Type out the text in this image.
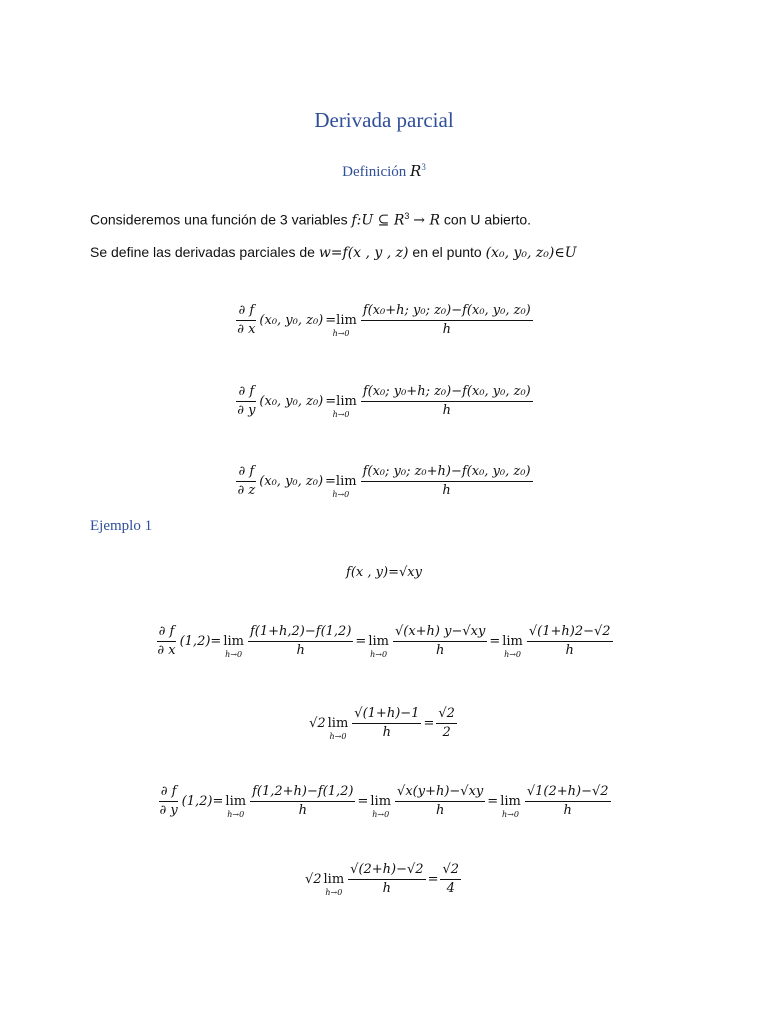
Derivada parcial
Definición $R^3$
Consideremos una función de 3 variables f:U ⊆ $R^3 \to R$ con U abierto.
Se define las derivadas parciales de w=f(x , y , z) en el punto (x₀, y₀, z₀)∈U
$\frac{\partial f}{\partial x} (x_0$, y₀, z₀) =lim
$h\to 0 \frac{\text{f(x₀+h; y₀; z₀)−f(x₀, y₀, z₀)}}{h}$
$\frac{\partial f}{\partial y} (x_0$, y₀, z₀) =lim
$h\to 0 \frac{\text{f(x₀; y₀+h; z₀)−f(x₀, y₀, z₀)}}{h}$
$\frac{\partial f}{\partial z} (x_0$, y₀, z₀) =lim
$h\to 0 \frac{\text{f(x₀; y₀; z₀+h)−f(x₀, y₀, z₀)}}{h}$
Ejemplo 1
f(x , y)=√xy
$\frac{\partial f}{\partial x} (1,2) = \lim$
$h\to 0 \frac{f(1+h,2)-f(1,2)}{h} = \lim$
$h\to 0 \frac{√(x+h) y-√xy}{h} = \lim$
$h\to 0 \frac{√(1+h)2-√2}{h}$
√2 lim
$h\to 0 \frac{√(1+h)-1}{h} = \frac{√2}{2}$
$\frac{\partial f}{\partial y} (1,2) = \lim$
$h\to 0 \frac{f(1,2+h)-f(1,2)}{h} = \lim$
$h\to 0 \frac{√x(y+h)-√xy}{h} = \lim$
$h\to 0 \frac{√1(2+h)-√2}{h}$
√2 lim
$h\to 0 \frac{√(2+h)-√2}{h} = \frac{√2}{4}$
